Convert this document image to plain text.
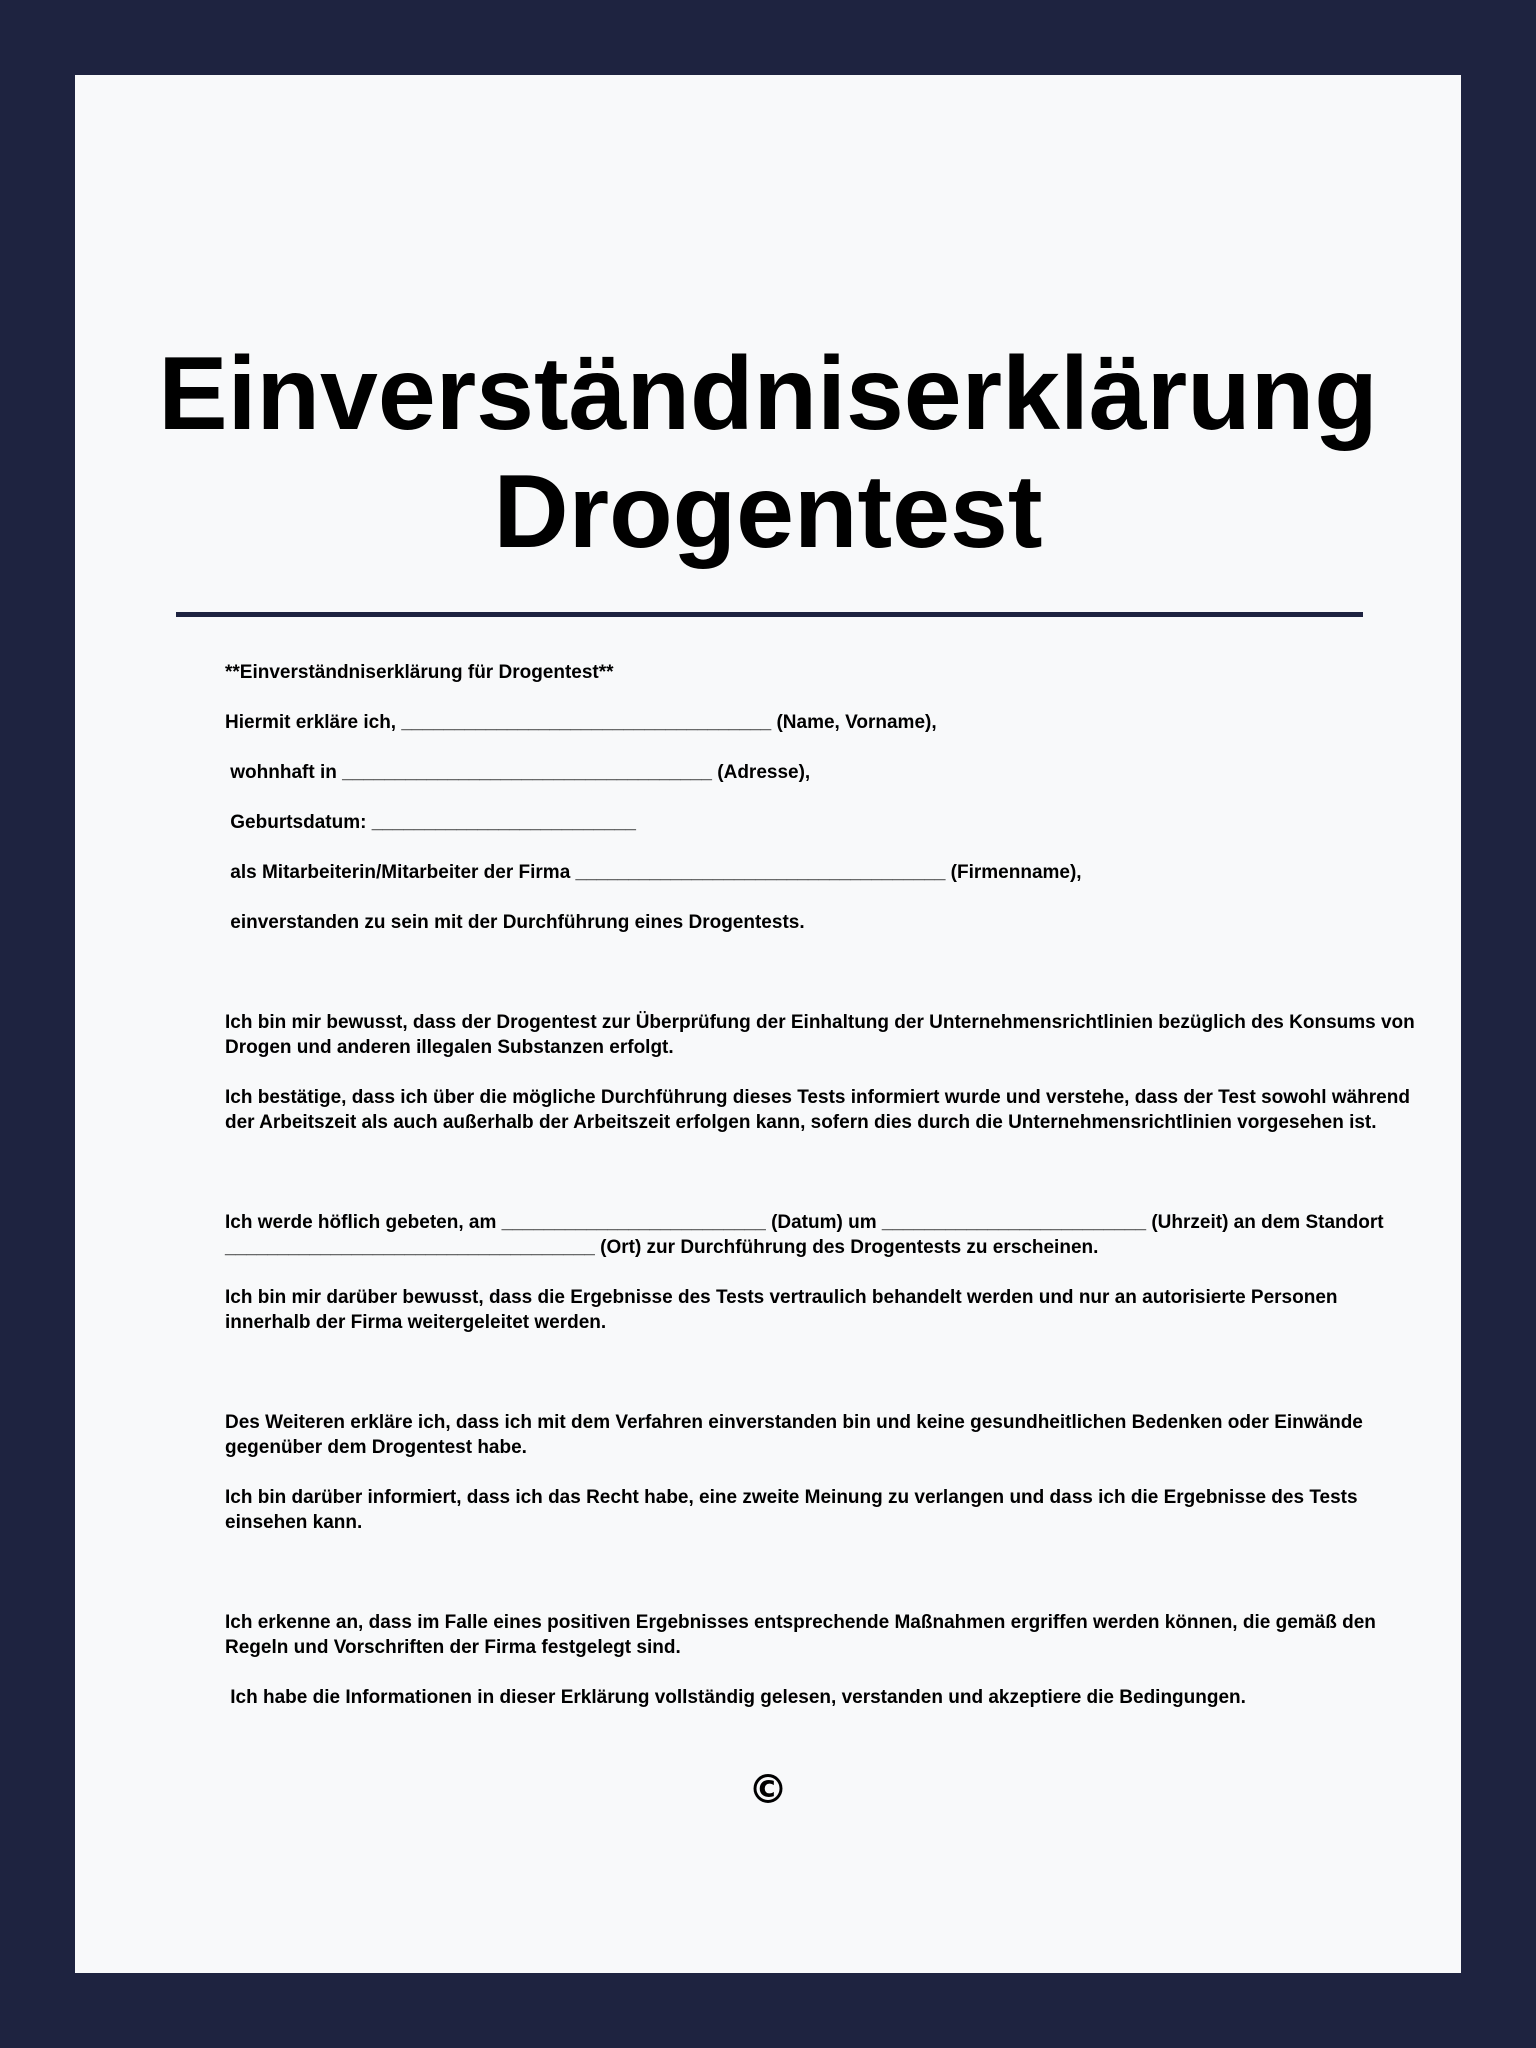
Einverständniserklärung
Drogentest

**Einverständniserklärung für Drogentest**

Hiermit erkläre ich, ___________________________________ (Name, Vorname),

wohnhaft in ___________________________________ (Adresse),

Geburtsdatum: _________________________

als Mitarbeiterin/Mitarbeiter der Firma ___________________________________ (Firmenname),

einverstanden zu sein mit der Durchführung eines Drogentests.

Ich bin mir bewusst, dass der Drogentest zur Überprüfung der Einhaltung der Unternehmensrichtlinien bezüglich des Konsums von Drogen und anderen illegalen Substanzen erfolgt.

Ich bestätige, dass ich über die mögliche Durchführung dieses Tests informiert wurde und verstehe, dass der Test sowohl während der Arbeitszeit als auch außerhalb der Arbeitszeit erfolgen kann, sofern dies durch die Unternehmensrichtlinien vorgesehen ist.

Ich werde höflich gebeten, am _________________________ (Datum) um _________________________ (Uhrzeit) an dem Standort ___________________________________ (Ort) zur Durchführung des Drogentests zu erscheinen.

Ich bin mir darüber bewusst, dass die Ergebnisse des Tests vertraulich behandelt werden und nur an autorisierte Personen innerhalb der Firma weitergeleitet werden.

Des Weiteren erkläre ich, dass ich mit dem Verfahren einverstanden bin und keine gesundheitlichen Bedenken oder Einwände gegenüber dem Drogentest habe.

Ich bin darüber informiert, dass ich das Recht habe, eine zweite Meinung zu verlangen und dass ich die Ergebnisse des Tests einsehen kann.

Ich erkenne an, dass im Falle eines positiven Ergebnisses entsprechende Maßnahmen ergriffen werden können, die gemäß den Regeln und Vorschriften der Firma festgelegt sind.

Ich habe die Informationen in dieser Erklärung vollständig gelesen, verstanden und akzeptiere die Bedingungen.

©
